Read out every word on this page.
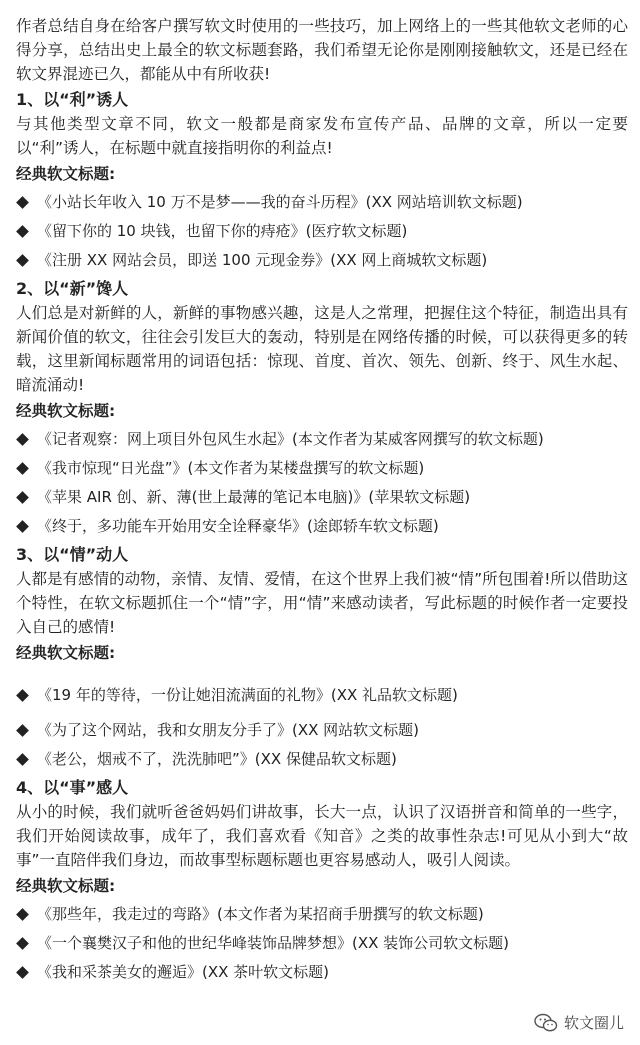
作者总结自身在给客户撰写软文时使用的一些技巧，加上网络上的一些其他软文老师的心得分享，总结出史上最全的软文标题套路，我们希望无论你是刚刚接触软文，还是已经在软文界混迹已久，都能从中有所收获!

1、以“利”诱人

与其他类型文章不同，软文一般都是商家发布宣传产品、品牌的文章，所以一定要以“利”诱人，在标题中就直接指明你的利益点!

经典软文标题:
《小站长年收入 10 万不是梦——我的奋斗历程》(XX 网站培训软文标题)
《留下你的 10 块钱，也留下你的痔疮》(医疗软文标题)
《注册 XX 网站会员，即送 100 元现金券》(XX 网上商城软文标题)
2、以“新”馋人

人们总是对新鲜的人，新鲜的事物感兴趣，这是人之常理，把握住这个特征，制造出具有新闻价值的软文，往往会引发巨大的轰动，特别是在网络传播的时候，可以获得更多的转载，这里新闻标题常用的词语包括：惊现、首度、首次、领先、创新、终于、风生水起、暗流涌动!

经典软文标题:
《记者观察：网上项目外包风生水起》(本文作者为某威客网撰写的软文标题)
《我市惊现“日光盘”》(本文作者为某楼盘撰写的软文标题)
《苹果 AIR 创、新、薄(世上最薄的笔记本电脑)》(苹果软文标题)
《终于，多功能车开始用安全诠释豪华》(途郎轿车软文标题)
3、以“情”动人

人都是有感情的动物，亲情、友情、爱情，在这个世界上我们被“情”所包围着!所以借助这个特性，在软文标题抓住一个“情”字，用“情”来感动读者，写此标题的时候作者一定要投入自己的感情!

经典软文标题:
《19 年的等待，一份让她泪流满面的礼物》(XX 礼品软文标题)
《为了这个网站，我和女朋友分手了》(XX 网站软文标题)
《老公，烟戒不了，洗洗肺吧”》(XX 保健品软文标题)
4、以“事”感人

从小的时候，我们就听爸爸妈妈们讲故事，长大一点，认识了汉语拼音和简单的一些字，我们开始阅读故事，成年了，我们喜欢看《知音》之类的故事性杂志!可见从小到大“故事”一直陪伴我们身边，而故事型标题标题也更容易感动人，吸引人阅读。

经典软文标题:
《那些年，我走过的弯路》(本文作者为某招商手册撰写的软文标题)
《一个襄樊汉子和他的世纪华峰装饰品牌梦想》(XX 装饰公司软文标题)
《我和采茶美女的邂逅》(XX 茶叶软文标题)
软文圈儿
